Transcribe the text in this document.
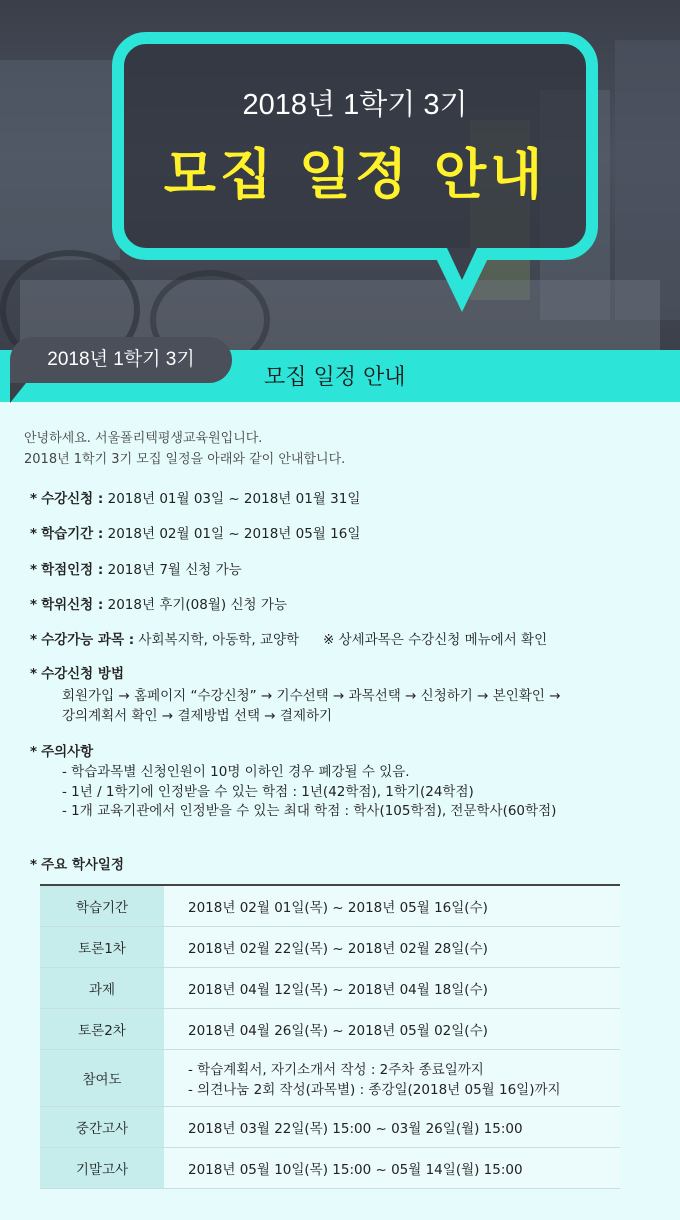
2018년 1학기 3기
모집 일정 안내
2018년 1학기 3기
모집 일정 안내
안녕하세요. 서울폴리텍평생교육원입니다.
2018년 1학기 3기 모집 일정을 아래와 같이 안내합니다.
* 수강신청 : 2018년 01월 03일 ~ 2018년 01월 31일
* 학습기간 : 2018년 02월 01일 ~ 2018년 05월 16일
* 학점인정 : 2018년 7월 신청 가능
* 학위신청 : 2018년 후기(08월) 신청 가능
* 수강가능 과목 : 사회복지학, 아동학, 교양학 ※ 상세과목은 수강신청 메뉴에서 확인
* 수강신청 방법
회원가입 → 홈페이지 “수강신청” → 기수선택 → 과목선택 → 신청하기 → 본인확인 →
강의계획서 확인 → 결제방법 선택 → 결제하기
* 주의사항
- 학습과목별 신청인원이 10명 이하인 경우 폐강될 수 있음.
- 1년 / 1학기에 인정받을 수 있는 학점 : 1년(42학점), 1학기(24학점)
- 1개 교육기관에서 인정받을 수 있는 최대 학점 : 학사(105학점), 전문학사(60학점)
* 주요 학사일정
학습기간	2018년 02월 01일(목) ~ 2018년 05월 16일(수)
토론1차	2018년 02월 22일(목) ~ 2018년 02월 28일(수)
과제	2018년 04월 12일(목) ~ 2018년 04월 18일(수)
토론2차	2018년 04월 26일(목) ~ 2018년 05월 02일(수)
참여도	- 학습계획서, 자기소개서 작성 : 2주차 종료일까지
- 의견나눔 2회 작성(과목별) : 종강일(2018년 05월 16일)까지

중간고사	2018년 03월 22일(목) 15:00 ~ 03월 26일(월) 15:00
기말고사	2018년 05월 10일(목) 15:00 ~ 05월 14일(월) 15:00
